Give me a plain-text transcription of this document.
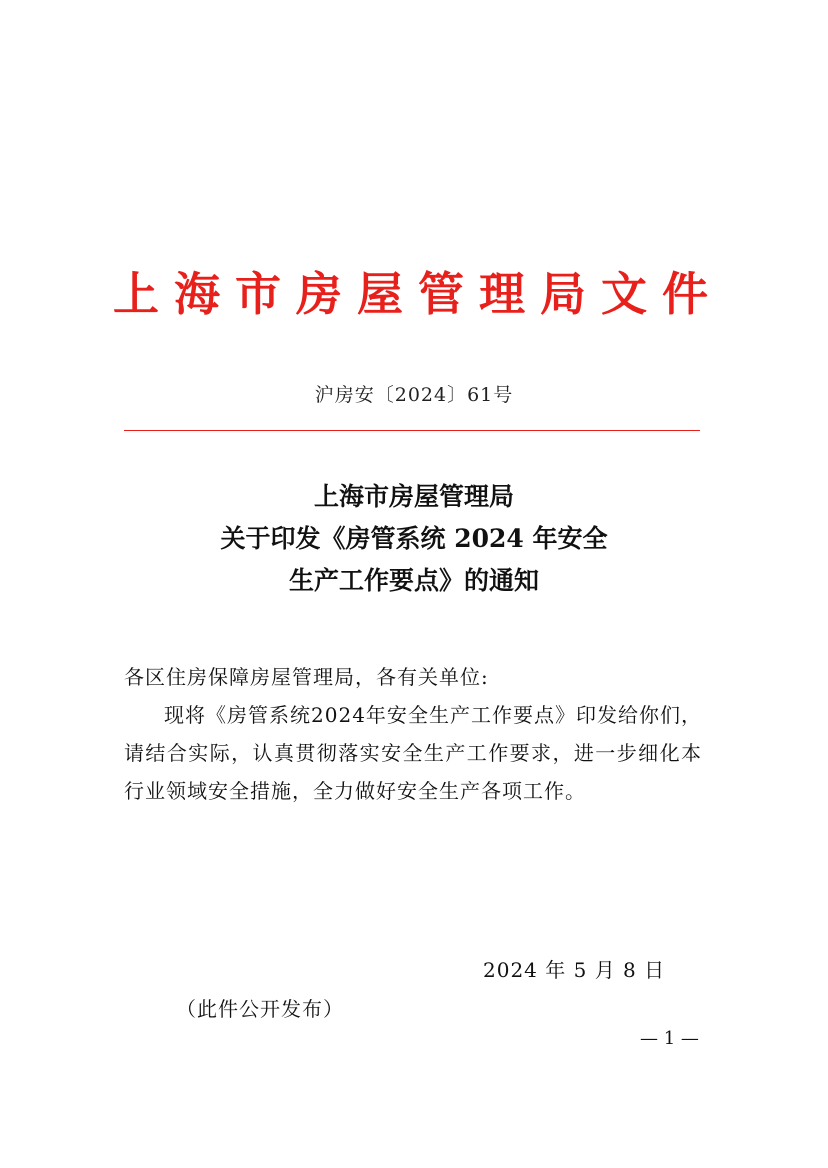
上海市房屋管理局文件
沪房安〔2024〕61号
上海市房屋管理局
关于印发《房管系统 2024 年安全
生产工作要点》的通知
各区住房保障房屋管理局，各有关单位:
现将《房管系统2024年安全生产工作要点》印发给你们，请结合实际，认真贯彻落实安全生产工作要求，进一步细化本行业领域安全措施，全力做好安全生产各项工作。
2024 年 5 月 8 日
（此件公开发布）
— 1 —
